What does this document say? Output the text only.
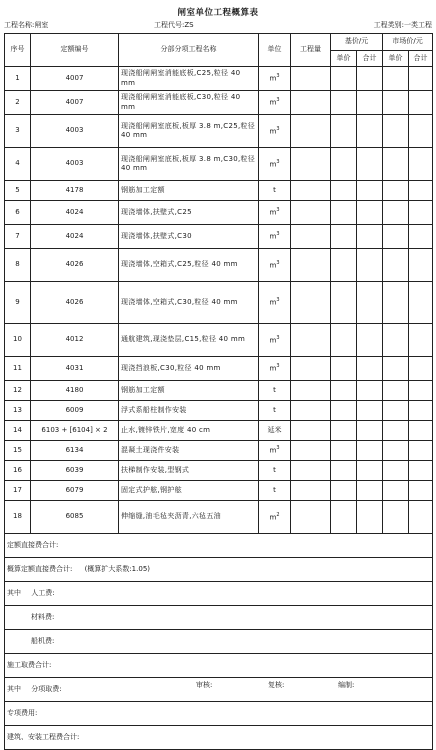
闸室单位工程概算表
工程名称:闸室	工程代号:ZS	工程类别:一类工程
序号	定额编号	分部分项工程名称	单位	工程量	基价/元		市场价/元	
					单价	合计	单价	合计
1	4007	现浇船闸闸室消能底板,C25,粒径 40 mm	$m^3$					
2	4007	现浇船闸闸室消能底板,C30,粒径 40 mm	$m^3$					
3	4003	现浇船闸闸室底板,板厚 3.8 m,C25,粒径 40 mm	$m^3$					
4	4003	现浇船闸闸室底板,板厚 3.8 m,C30,粒径 40 mm	$m^3$					
5	4178	钢筋加工定额	t					
6	4024	现浇墙体,扶壁式,C25	$m^3$					
7	4024	现浇墙体,扶壁式,C30	$m^3$					
8	4026	现浇墙体,空箱式,C25,粒径 40 mm	$m^3$					
9	4026	现浇墙体,空箱式,C30,粒径 40 mm	$m^3$					
10	4012	通航建筑,现浇垫层,C15,粒径 40 mm	$m^3$					
11	4031	现浇挡浪板,C30,粒径 40 mm	$m^3$					
12	4180	钢筋加工定额	t					
13	6009	浮式系船柱制作安装	t					
14	6103 + [6104] × 2	止水,镀锌铁片,宽度 40 cm	延米					
15	6134	混凝土现浇件安装	$m^3$					
16	6039	扶梯制作安装,型钢式	t					
17	6079	固定式护舷,钢护舷	t					
18	6085	伸缩缝,油毛毡夹沥青,六毡五油	$m^2$					
定额直接费合计:								
概算定额直接费合计: (概算扩大系数:1.05)								
其中 人工费:								
材料费:								
船机费:								
施工取费合计:								
其中 分项取费:								
专项费用:								
建筑、安装工程费合计:								
审核:	复核:	编制:
